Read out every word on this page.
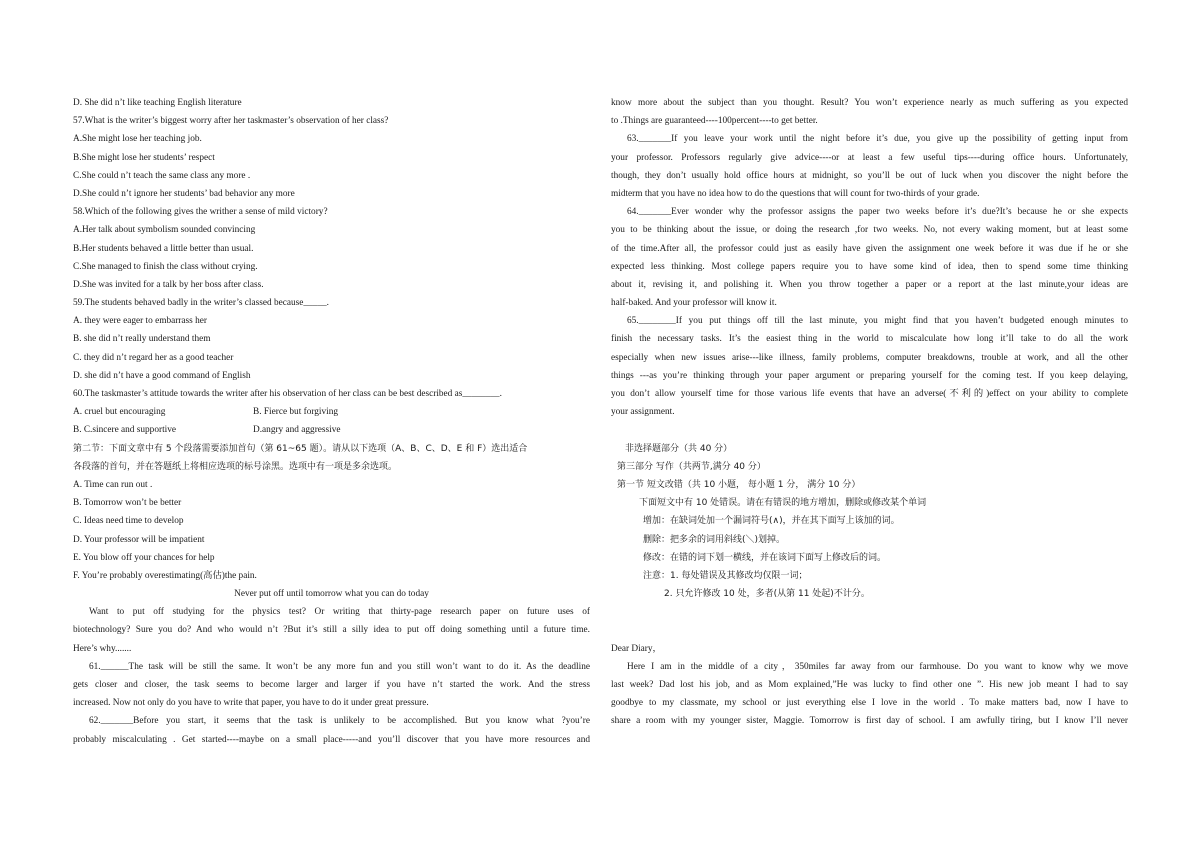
D. She did n’t like teaching English literature
57.What is the writer’s biggest worry after her taskmaster’s observation of her class?
A.She might lose her teaching job.
B.She might lose her students’ respect
C.She could n’t teach the same class any more .
D.She could n’t ignore her students’ bad behavior any more
58.Which of the following gives the writher a sense of mild victory?
A.Her talk about symbolism sounded convincing
B.Her students behaved a little better than usual.
C.She managed to finish the class without crying.
D.She was invited for a talk by her boss after class.
59.The students behaved badly in the writer’s classed because_____.
A. they were eager to embarrass her
B. she did n’t really understand them
C. they did n’t regard her as a good teacher
D. she did n’t have a good command of English
60.The taskmaster’s attitude towards the writer after his observation of her class can be best described as________.
A. cruel but encouraging	B. Fierce but forgiving
B. C.sincere and supportive	D.angry and aggressive
第二节：下面文章中有 5 个段落需要添加首句（第 61~65 题）。请从以下选项（A、B、C、D、E 和 F）选出适合
各段落的首句，并在答题纸上将相应选项的标号涂黑。选项中有一项是多余选项。
A. Time can run out .
B. Tomorrow won’t be better
C. Ideas need time to develop
D. Your professor will be impatient
E. You blow off your chances for help
F. You’re probably overestimating(高估)the pain.
Never put off until tomorrow what you can do today
Want to put off studying for the physics test? Or writing that thirty-page research paper on future uses of
biotechnology? Sure you do? And who would n’t ?But it’s still a silly idea to put off doing something until a future time.
Here’s why.......
61.______The task will be still the same. It won’t be any more fun and you still won’t want to do it. As the deadline
gets closer and closer, the task seems to become larger and larger if you have n’t started the work. And the stress
increased. Now not only do you have to write that paper, you have to do it under great pressure.
62._______Before you start, it seems that the task is unlikely to be accomplished. But you know what ?you’re
probably miscalculating . Get started----maybe on a small place-----and you’ll discover that you have more resources and
know more about the subject than you thought. Result? You won’t experience nearly as much suffering as you expected
to .Things are guaranteed----100percent----to get better.
63._______If you leave your work until the night before it’s due, you give up the possibility of getting input from
your professor. Professors regularly give advice----or at least a few useful tips----during office hours. Unfortunately,
though, they don’t usually hold office hours at midnight, so you’ll be out of luck when you discover the night before the
midterm that you have no idea how to do the questions that will count for two-thirds of your grade.
64._______Ever wonder why the professor assigns the paper two weeks before it’s due?It’s because he or she expects
you to be thinking about the issue, or doing the research ,for two weeks. No, not every waking moment, but at least some
of the time.After all, the professor could just as easily have given the assignment one week before it was due if he or she
expected less thinking. Most college papers require you to have some kind of idea, then to spend some time thinking
about it, revising it, and polishing it. When you throw together a paper or a report at the last minute,your ideas are
half-baked. And your professor will know it.
65.________If you put things off till the last minute, you might find that you haven’t budgeted enough minutes to
finish the necessary tasks. It’s the easiest thing in the world to miscalculate how long it’ll take to do all the work
especially when new issues arise---like illness, family problems, computer breakdowns, trouble at work, and all the other
things ---as you’re thinking through your paper argument or preparing yourself for the coming test. If you keep delaying,
you don’t allow yourself time for those various life events that have an adverse(不利的)effect on your ability to complete
your assignment.
非选择题部分（共 40 分）
第三部分 写作（共两节,满分 40 分）
第一节 短文改错（共 10 小题， 每小题 1 分， 满分 10 分）
下面短文中有 10 处错误。请在有错误的地方增加，删除或修改某个单词
增加：在缺词处加一个漏词符号(∧)，并在其下面写上该加的词。
删除：把多余的词用斜线(＼)划掉。
修改：在错的词下划一横线，并在该词下面写上修改后的词。
注意：1. 每处错误及其修改均仅限一词；
2. 只允许修改 10 处，多者(从第 11 处起)不计分。
Dear Diary，
Here I am in the middle of a city，350miles far away from our farmhouse. Do you want to know why we move
last week? Dad lost his job, and as Mom explained,”He was lucky to find other one ”. His new job meant I had to say
goodbye to my classmate, my school or just everything else I love in the world . To make matters bad, now I have to
share a room with my younger sister, Maggie. Tomorrow is first day of school. I am awfully tiring, but I know I’ll never
